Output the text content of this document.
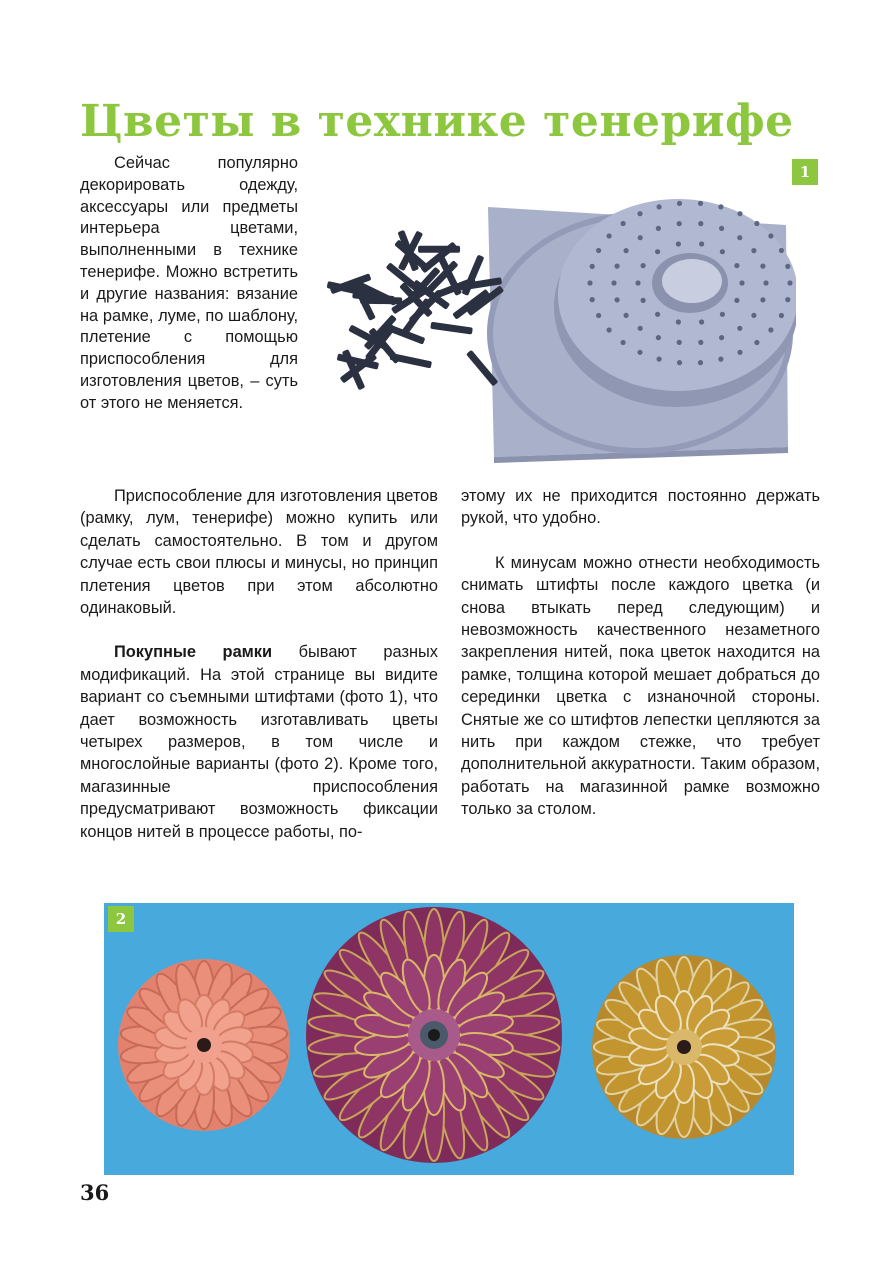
Цветы в технике тенерифе

Сейчас популярно декорировать одежду, аксессуары или предметы интерьера цветами, выполненными в технике тенерифе. Можно встретить и другие названия: вязание на рамке, луме, по шаблону, плетение с помощью приспособления для изготовления цветов, – суть от этого не меняется.

1

Приспособление для изготовления цветов (рамку, лум, тенерифе) можно купить или сделать самостоятельно. В том и другом случае есть свои плюсы и минусы, но принцип плетения цветов при этом абсолютно одинаковый.

Покупные рамки бывают разных модификаций. На этой странице вы видите вариант со съемными штифтами (фото 1), что дает возможность изготавливать цветы четырех размеров, в том числе и многослойные варианты (фото 2). Кроме того, магазинные приспособления предусматривают возможность фиксации концов нитей в процессе работы, по-

этому их не приходится постоянно держать рукой, что удобно.

К минусам можно отнести необходимость снимать штифты после каждого цветка (и снова втыкать перед следующим) и невозможность качественного незаметного закрепления нитей, пока цветок находится на рамке, толщина которой мешает добраться до серединки цветка с изнаночной стороны. Снятые же со штифтов лепестки цепляются за нить при каждом стежке, что требует дополнительной аккуратности. Таким образом, работать на магазинной рамке возможно только за столом.

2
36
